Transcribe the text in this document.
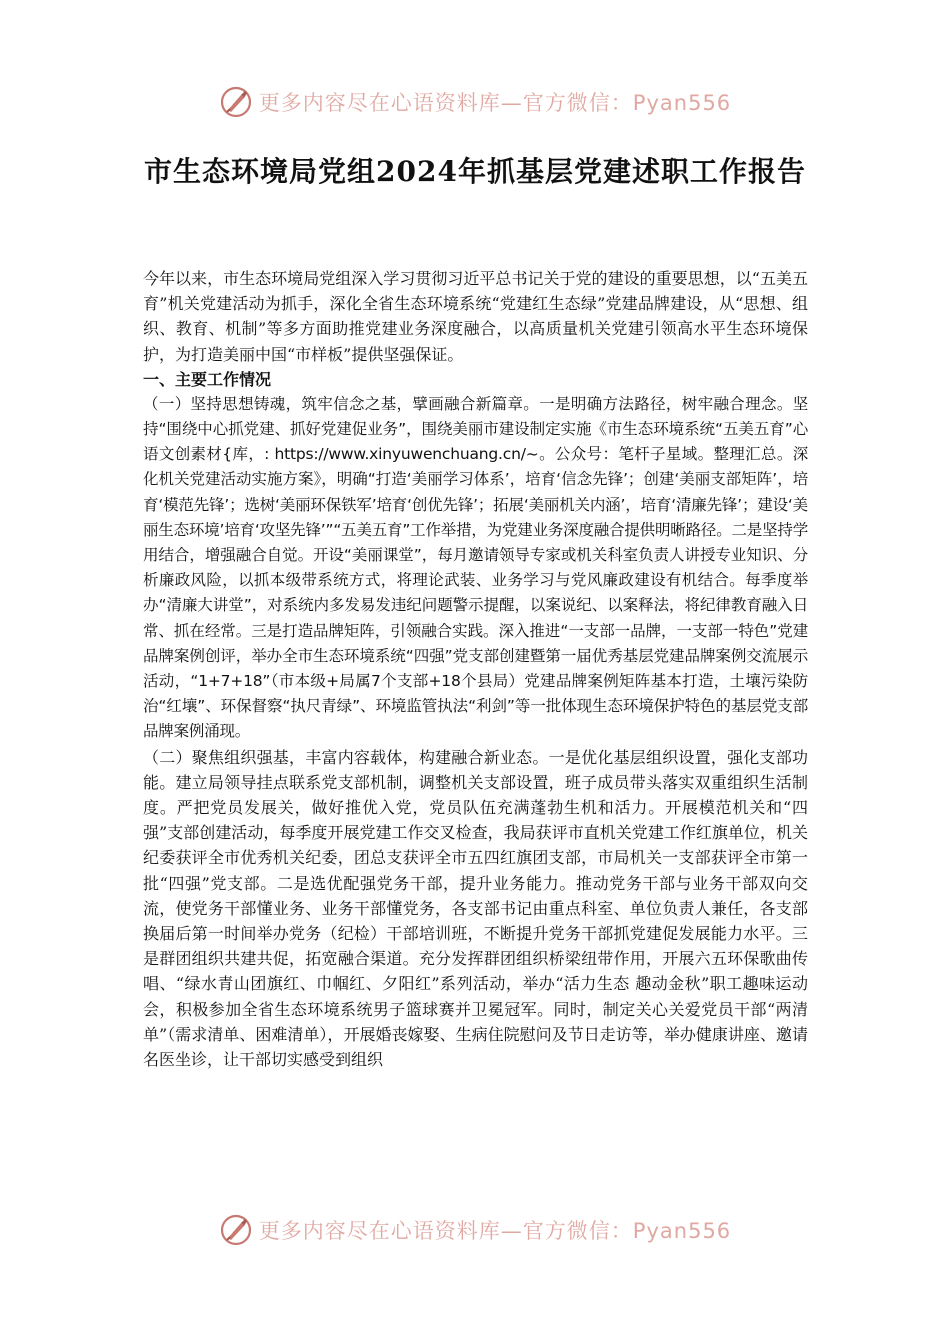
更多内容尽在心语资料库—官方微信：Pyan556
市生态环境局党组2024年抓基层党建述职工作报告

今年以来，市生态环境局党组深入学习贯彻习近平总书记关于党的建设的重要思想，以“五美五育”机关党建活动为抓手，深化全省生态环境系统“党建红生态绿”党建品牌建设，从“思想、组织、教育、机制”等多方面助推党建业务深度融合，以高质量机关党建引领高水平生态环境保护，为打造美丽中国“市样板”提供坚强保证。

一、主要工作情况

（一）坚持思想铸魂，筑牢信念之基，擘画融合新篇章。一是明确方法路径，树牢融合理念。坚持“围绕中心抓党建、抓好党建促业务”，围绕美丽市建设制定实施《市生态环境系统“五美五育”心语文创素材{库，: https://www.xinyuwenchuang.cn/~。公众号：笔杆子星域。整理汇总。深化机关党建活动实施方案》，明确“打造‘美丽学习体系’，培育‘信念先锋’；创建‘美丽支部矩阵’，培育‘模范先锋’；选树‘美丽环保铁军’培育‘创优先锋’；拓展‘美丽机关内涵’，培育‘清廉先锋’；建设‘美丽生态环境’培育‘攻坚先锋’”“五美五育”工作举措，为党建业务深度融合提供明晰路径。二是坚持学用结合，增强融合自觉。开设“美丽课堂”，每月邀请领导专家或机关科室负责人讲授专业知识、分析廉政风险，以抓本级带系统方式，将理论武装、业务学习与党风廉政建设有机结合。每季度举办“清廉大讲堂”，对系统内多发易发违纪问题警示提醒，以案说纪、以案释法，将纪律教育融入日常、抓在经常。三是打造品牌矩阵，引领融合实践。深入推进“一支部一品牌，一支部一特色”党建品牌案例创评，举办全市生态环境系统“四强”党支部创建暨第一届优秀基层党建品牌案例交流展示活动，“1+7+18”（市本级+局属7个支部+18个县局）党建品牌案例矩阵基本打造，土壤污染防治“红壤”、环保督察“执尺青绿”、环境监管执法“利剑”等一批体现生态环境保护特色的基层党支部品牌案例涌现。

（二）聚焦组织强基，丰富内容载体，构建融合新业态。一是优化基层组织设置，强化支部功能。建立局领导挂点联系党支部机制，调整机关支部设置，班子成员带头落实双重组织生活制度。严把党员发展关，做好推优入党，党员队伍充满蓬勃生机和活力。开展模范机关和“四强”支部创建活动，每季度开展党建工作交叉检查，我局获评市直机关党建工作红旗单位，机关纪委获评全市优秀机关纪委，团总支获评全市五四红旗团支部，市局机关一支部获评全市第一批“四强”党支部。二是选优配强党务干部，提升业务能力。推动党务干部与业务干部双向交流，使党务干部懂业务、业务干部懂党务，各支部书记由重点科室、单位负责人兼任，各支部换届后第一时间举办党务（纪检）干部培训班，不断提升党务干部抓党建促发展能力水平。三是群团组织共建共促，拓宽融合渠道。充分发挥群团组织桥梁纽带作用，开展六五环保歌曲传唱、“绿水青山团旗红、巾帼红、夕阳红”系列活动，举办“活力生态 趣动金秋”职工趣味运动会，积极参加全省生态环境系统男子篮球赛并卫冕冠军。同时，制定关心关爱党员干部“两清单”（需求清单、困难清单），开展婚丧嫁娶、生病住院慰问及节日走访等，举办健康讲座、邀请名医坐诊，让干部切实感受到组织

更多内容尽在心语资料库—官方微信：Pyan556
